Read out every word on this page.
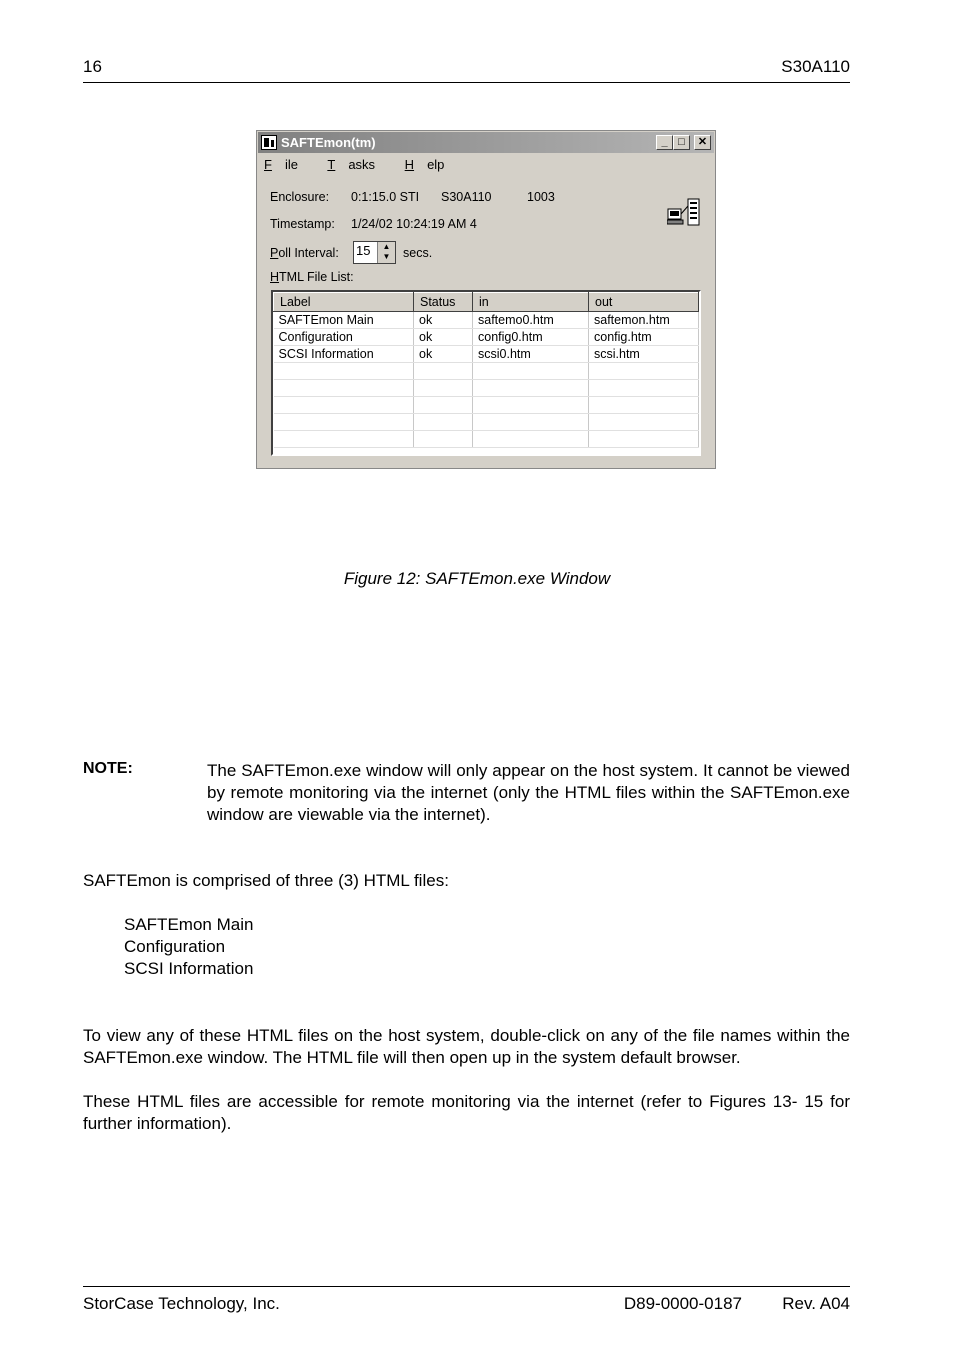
16	S30A110
SAFTEmon(tm)	_ □	✕
F ile T asks H elp
Enclosure: 0:1:15.0 STI S30A110	1003
Timestamp: 1/24/02 10:24:19 AM 4
Poll Interval: 15	▲
▼	secs.
HTML File List:
Label	Status	in	out
SAFTEmon Main	ok	saftemo0.htm	saftemon.htm
Configuration	ok	config0.htm	config.htm
SCSI Information	ok	scsi0.htm	scsi.htm

Figure 12: SAFTEmon.exe Window
NOTE:	The SAFTEmon.exe window will only appear on the host system. It cannot be viewed by remote monitoring via the internet (only the HTML files within the SAFTEmon.exe window are viewable via the internet).
SAFTEmon is comprised of three (3) HTML files:
SAFTEmon Main
Configuration
SCSI Information
To view any of these HTML files on the host system, double-click on any of the file names within the SAFTEmon.exe window. The HTML file will then open up in the system default browser.
These HTML files are accessible for remote monitoring via the internet (refer to Figures 13- 15 for further information).
StorCase Technology, Inc.	D89-0000-0187 Rev. A04
